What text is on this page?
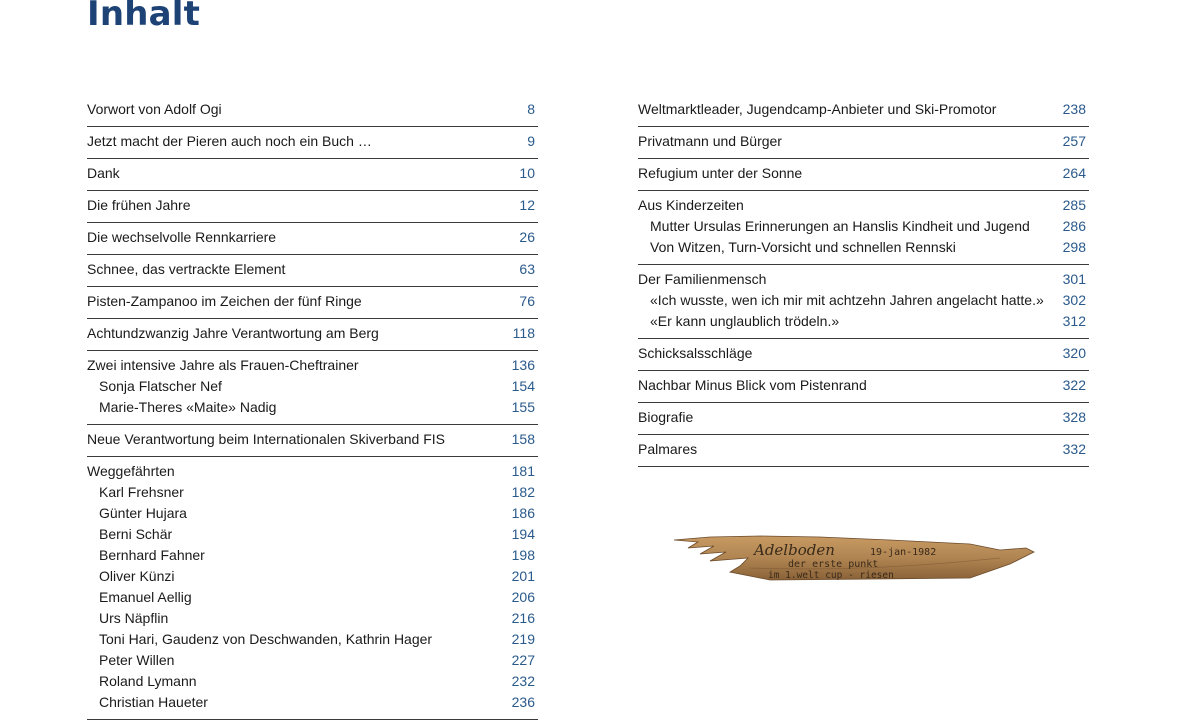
Inhalt
Vorwort von Adolf Ogi	8
Jetzt macht der Pieren auch noch ein Buch …	9
Dank	10
Die frühen Jahre	12
Die wechselvolle Rennkarriere	26
Schnee, das vertrackte Element	63
Pisten-Zampanoo im Zeichen der fünf Ringe	76
Achtundzwanzig Jahre Verantwortung am Berg	118
Zwei intensive Jahre als Frauen-Cheftrainer	136
Sonja Flatscher Nef	154
Marie-Theres «Maite» Nadig	155
Neue Verantwortung beim Internationalen Skiverband FIS	158
Weggefährten	181
Karl Frehsner	182
Günter Hujara	186
Berni Schär	194
Bernhard Fahner	198
Oliver Künzi	201
Emanuel Aellig	206
Urs Näpflin	216
Toni Hari, Gaudenz von Deschwanden, Kathrin Hager	219
Peter Willen	227
Roland Lymann	232
Christian Haueter	236
Weltmarktleader, Jugendcamp-Anbieter und Ski-Promotor	238
Privatmann und Bürger	257
Refugium unter der Sonne	264
Aus Kinderzeiten	285
Mutter Ursulas Erinnerungen an Hanslis Kindheit und Jugend 286
Von Witzen, Turn-Vorsicht und schnellen Rennski	298
Der Familienmensch	301
«Ich wusste, wen ich mir mit achtzehn Jahren angelacht hatte.» 302
«Er kann unglaublich trödeln.»	312
Schicksalsschläge	320
Nachbar Minus Blick vom Pistenrand	322
Biografie	328
Palmares	332
Adelboden	19-jan-1982
der erste punkt
im 1.welt cup - riesen
